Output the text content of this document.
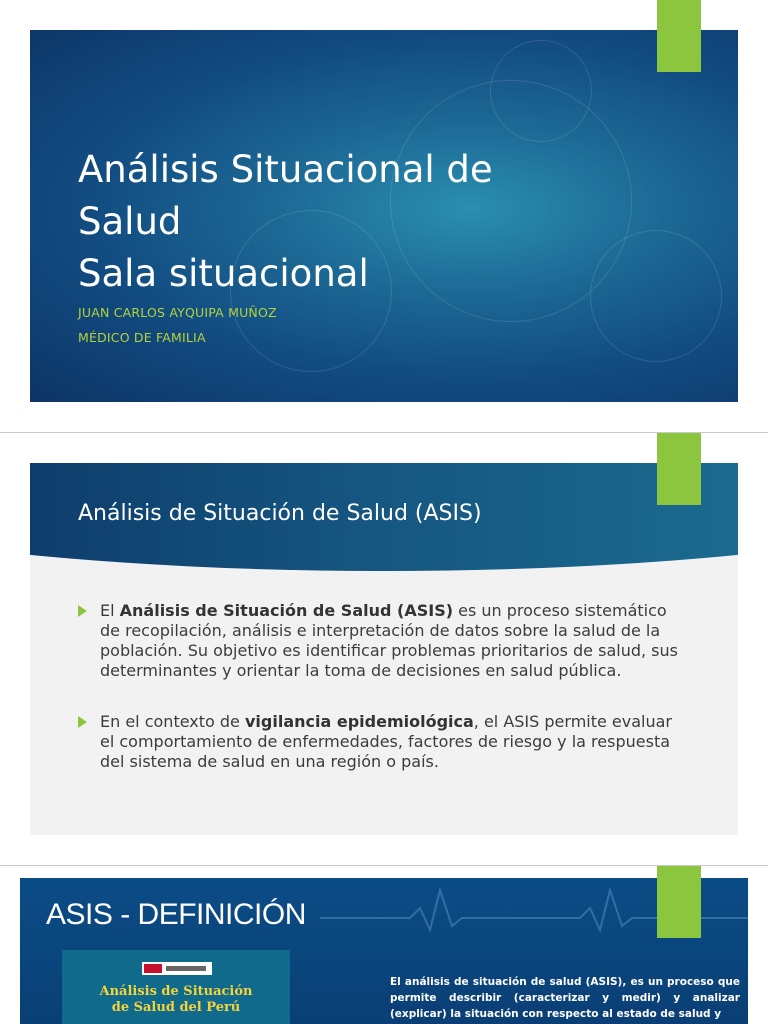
Análisis Situacional de
Salud
Sala situacional
JUAN CARLOS AYQUIPA MUÑOZ
MÉDICO DE FAMILIA
Análisis de Situación de Salud (ASIS)
El Análisis de Situación de Salud (ASIS) es un proceso sistemático de recopilación, análisis e interpretación de datos sobre la salud de la población. Su objetivo es identificar problemas prioritarios de salud, sus determinantes y orientar la toma de decisiones en salud pública.
En el contexto de vigilancia epidemiológica, el ASIS permite evaluar el comportamiento de enfermedades, factores de riesgo y la respuesta del sistema de salud en una región o país.
ASIS - DEFINICIÓN
Análisis de Situación
de Salud del Perú
El análisis de situación de salud (ASIS), es un proceso que permite describir (caracterizar y medir) y analizar (explicar) la situación con respecto al estado de salud y
